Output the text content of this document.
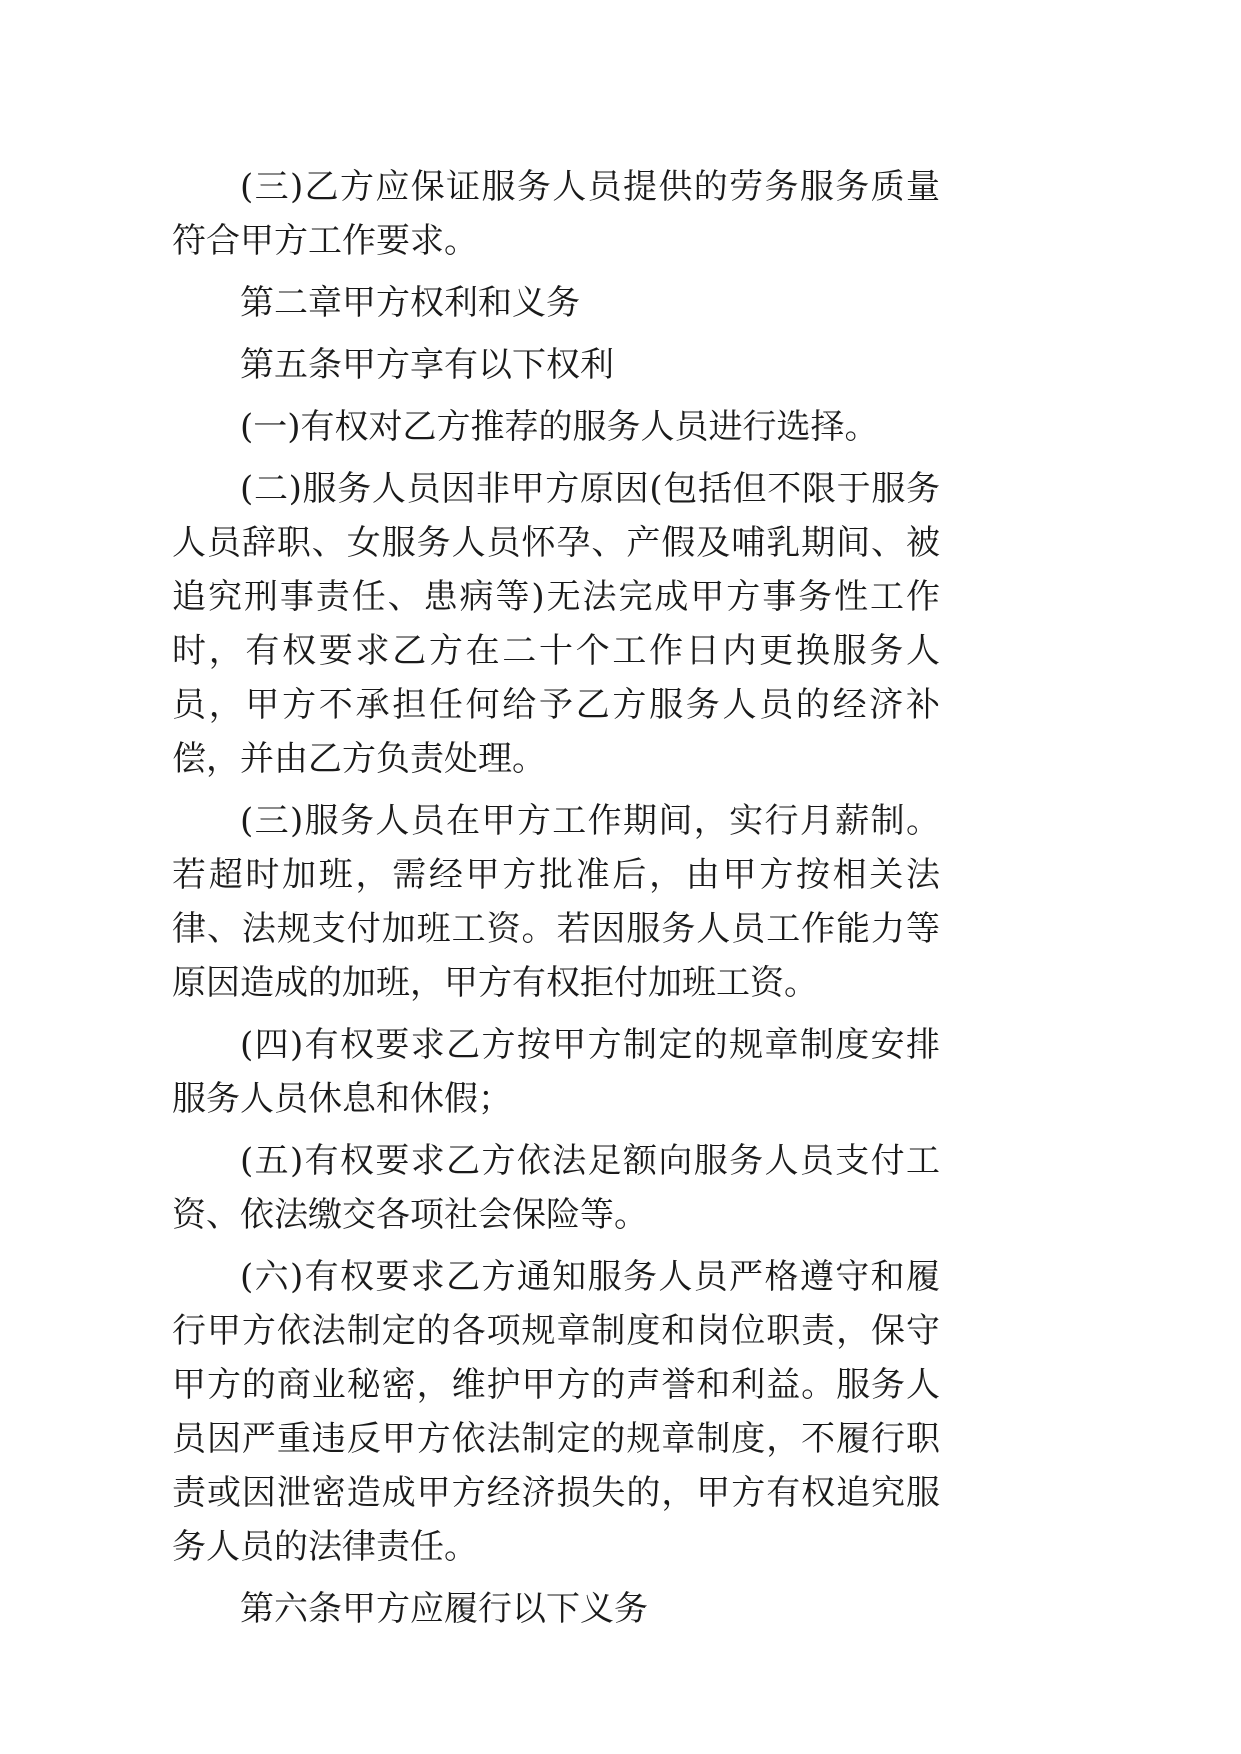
(三)乙方应保证服务人员提供的劳务服务质量符合甲方工作要求。

第二章甲方权利和义务

第五条甲方享有以下权利

(一)有权对乙方推荐的服务人员进行选择。

(二)服务人员因非甲方原因(包括但不限于服务人员辞职、女服务人员怀孕、产假及哺乳期间、被追究刑事责任、患病等)无法完成甲方事务性工作时，有权要求乙方在二十个工作日内更换服务人员，甲方不承担任何给予乙方服务人员的经济补偿，并由乙方负责处理。

(三)服务人员在甲方工作期间，实行月薪制。若超时加班，需经甲方批准后，由甲方按相关法律、法规支付加班工资。若因服务人员工作能力等原因造成的加班，甲方有权拒付加班工资。

(四)有权要求乙方按甲方制定的规章制度安排服务人员休息和休假；

(五)有权要求乙方依法足额向服务人员支付工资、依法缴交各项社会保险等。

(六)有权要求乙方通知服务人员严格遵守和履行甲方依法制定的各项规章制度和岗位职责，保守甲方的商业秘密，维护甲方的声誉和利益。服务人员因严重违反甲方依法制定的规章制度，不履行职责或因泄密造成甲方经济损失的，甲方有权追究服务人员的法律责任。

第六条甲方应履行以下义务
